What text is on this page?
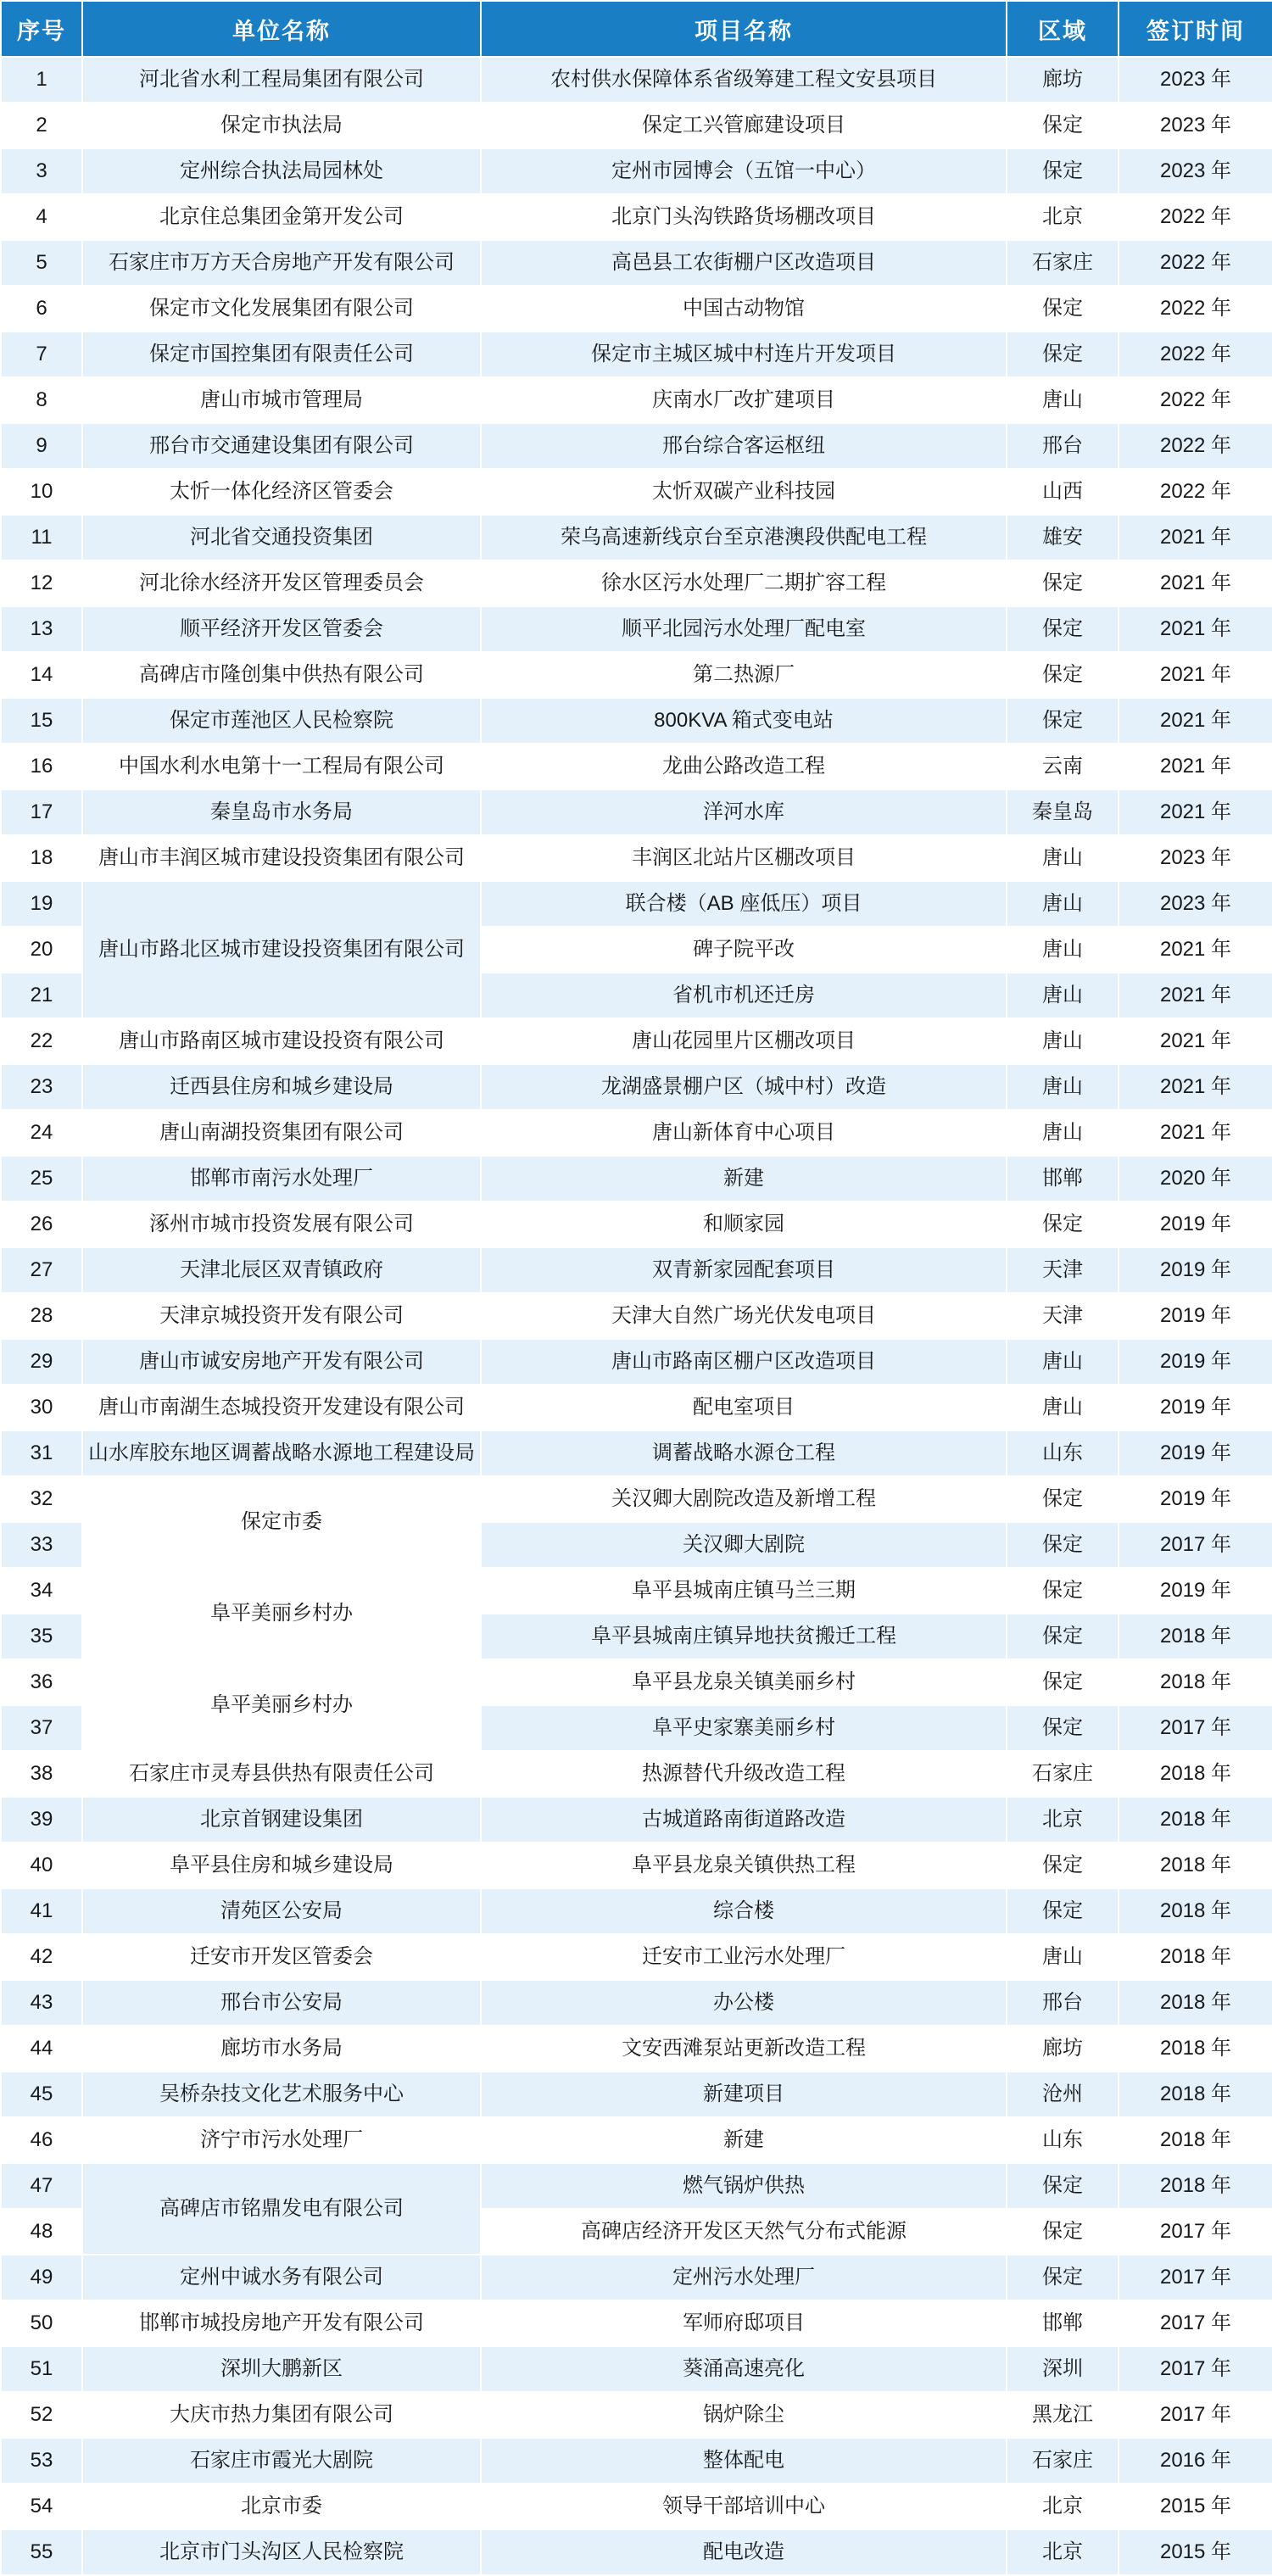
序号	单位名称	项目名称	区域	签订时间
1	河北省水利工程局集团有限公司	农村供水保障体系省级筹建工程文安县项目	廊坊	2023 年
2	保定市执法局	保定工兴管廊建设项目	保定	2023 年
3	定州综合执法局园林处	定州市园博会（五馆一中心）	保定	2023 年
4	北京住总集团金第开发公司	北京门头沟铁路货场棚改项目	北京	2022 年
5	石家庄市万方天合房地产开发有限公司	高邑县工农街棚户区改造项目	石家庄	2022 年
6	保定市文化发展集团有限公司	中国古动物馆	保定	2022 年
7	保定市国控集团有限责任公司	保定市主城区城中村连片开发项目	保定	2022 年
8	唐山市城市管理局	庆南水厂改扩建项目	唐山	2022 年
9	邢台市交通建设集团有限公司	邢台综合客运枢纽	邢台	2022 年
10	太忻一体化经济区管委会	太忻双碳产业科技园	山西	2022 年
11	河北省交通投资集团	荣乌高速新线京台至京港澳段供配电工程	雄安	2021 年
12	河北徐水经济开发区管理委员会	徐水区污水处理厂二期扩容工程	保定	2021 年
13	顺平经济开发区管委会	顺平北园污水处理厂配电室	保定	2021 年
14	高碑店市隆创集中供热有限公司	第二热源厂	保定	2021 年
15	保定市莲池区人民检察院	800KVA 箱式变电站	保定	2021 年
16	中国水利水电第十一工程局有限公司	龙曲公路改造工程	云南	2021 年
17	秦皇岛市水务局	洋河水库	秦皇岛	2021 年
18	唐山市丰润区城市建设投资集团有限公司	丰润区北站片区棚改项目	唐山	2023 年
19	唐山市路北区城市建设投资集团有限公司	联合楼（AB 座低压）项目	唐山	2023 年
20		碑子院平改	唐山	2021 年
21		省机市机还迁房	唐山	2021 年
22	唐山市路南区城市建设投资有限公司	唐山花园里片区棚改项目	唐山	2021 年
23	迁西县住房和城乡建设局	龙湖盛景棚户区（城中村）改造	唐山	2021 年
24	唐山南湖投资集团有限公司	唐山新体育中心项目	唐山	2021 年
25	邯郸市南污水处理厂	新建	邯郸	2020 年
26	涿州市城市投资发展有限公司	和顺家园	保定	2019 年
27	天津北辰区双青镇政府	双青新家园配套项目	天津	2019 年
28	天津京城投资开发有限公司	天津大自然广场光伏发电项目	天津	2019 年
29	唐山市诚安房地产开发有限公司	唐山市路南区棚户区改造项目	唐山	2019 年
30	唐山市南湖生态城投资开发建设有限公司	配电室项目	唐山	2019 年
31	山水库胶东地区调蓄战略水源地工程建设局	调蓄战略水源仓工程	山东	2019 年
32	保定市委	关汉卿大剧院改造及新增工程	保定	2019 年
33		关汉卿大剧院	保定	2017 年
34	阜平美丽乡村办	阜平县城南庄镇马兰三期	保定	2019 年
35		阜平县城南庄镇异地扶贫搬迁工程	保定	2018 年
36	阜平美丽乡村办	阜平县龙泉关镇美丽乡村	保定	2018 年
37		阜平史家寨美丽乡村	保定	2017 年
38	石家庄市灵寿县供热有限责任公司	热源替代升级改造工程	石家庄	2018 年
39	北京首钢建设集团	古城道路南街道路改造	北京	2018 年
40	阜平县住房和城乡建设局	阜平县龙泉关镇供热工程	保定	2018 年
41	清苑区公安局	综合楼	保定	2018 年
42	迁安市开发区管委会	迁安市工业污水处理厂	唐山	2018 年
43	邢台市公安局	办公楼	邢台	2018 年
44	廊坊市水务局	文安西滩泵站更新改造工程	廊坊	2018 年
45	吴桥杂技文化艺术服务中心	新建项目	沧州	2018 年
46	济宁市污水处理厂	新建	山东	2018 年
47	高碑店市铭鼎发电有限公司	燃气锅炉供热	保定	2018 年
48		高碑店经济开发区天然气分布式能源	保定	2017 年
49	定州中诚水务有限公司	定州污水处理厂	保定	2017 年
50	邯郸市城投房地产开发有限公司	军师府邸项目	邯郸	2017 年
51	深圳大鹏新区	葵涌高速亮化	深圳	2017 年
52	大庆市热力集团有限公司	锅炉除尘	黑龙江	2017 年
53	石家庄市霞光大剧院	整体配电	石家庄	2016 年
54	北京市委	领导干部培训中心	北京	2015 年
55	北京市门头沟区人民检察院	配电改造	北京	2015 年
